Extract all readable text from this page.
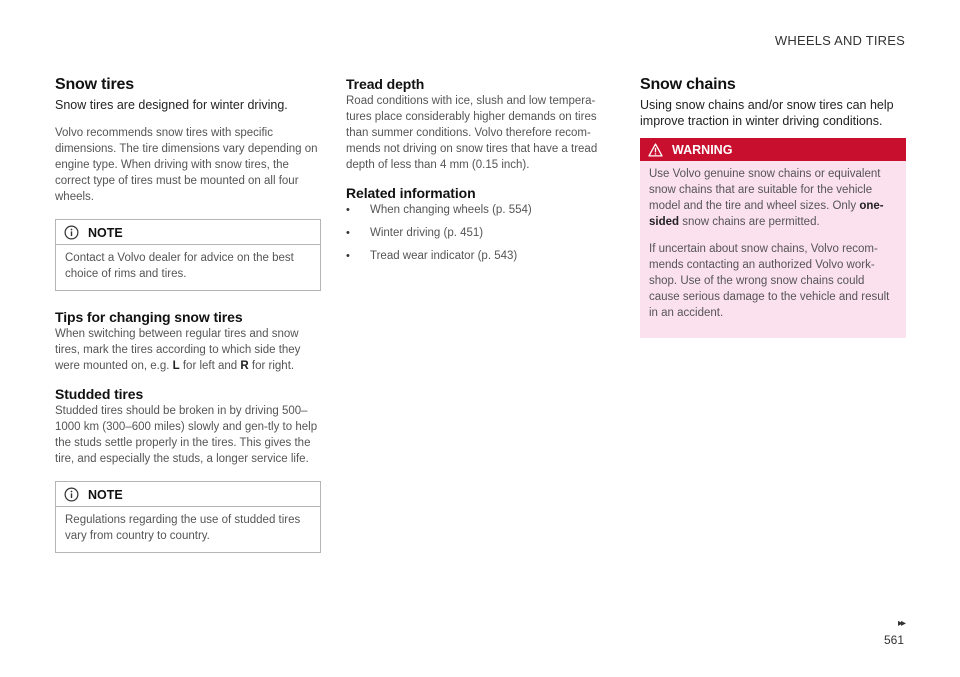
WHEELS AND TIRES
Snow tires
Snow tires are designed for winter driving.

Volvo recommends snow tires with specific dimensions. The tire dimensions vary depending on engine type. When driving with snow tires, the correct type of tires must be mounted on all four wheels.

NOTE

Contact a Volvo dealer for advice on the best choice of rims and tires.

Tips for changing snow tires

When switching between regular tires and snow tires, mark the tires according to which side they were mounted on, e.g. L for left and R for right.

Studded tires

Studded tires should be broken in by driving 500–1000 km (300–600 miles) slowly and gen-tly to help the studs settle properly in the tires. This gives the tire, and especially the studs, a longer service life.

NOTE

Regulations regarding the use of studded tires vary from country to country.

Tread depth

Road conditions with ice, slush and low tempera-tures place considerably higher demands on tires than summer conditions. Volvo therefore recom-mends not driving on snow tires that have a tread depth of less than 4 mm (0.15 inch).

Related information
•	When changing wheels (p. 554)
•	Winter driving (p. 451)
•	Tread wear indicator (p. 543)
Snow chains
Using snow chains and/or snow tires can help improve traction in winter driving conditions.
WARNING

Use Volvo genuine snow chains or equivalent snow chains that are suitable for the vehicle model and the tire and wheel sizes. Only one-sided snow chains are permitted.

If uncertain about snow chains, Volvo recom-mends contacting an authorized Volvo work-shop. Use of the wrong snow chains could cause serious damage to the vehicle and result in an accident.

▸▸
561
